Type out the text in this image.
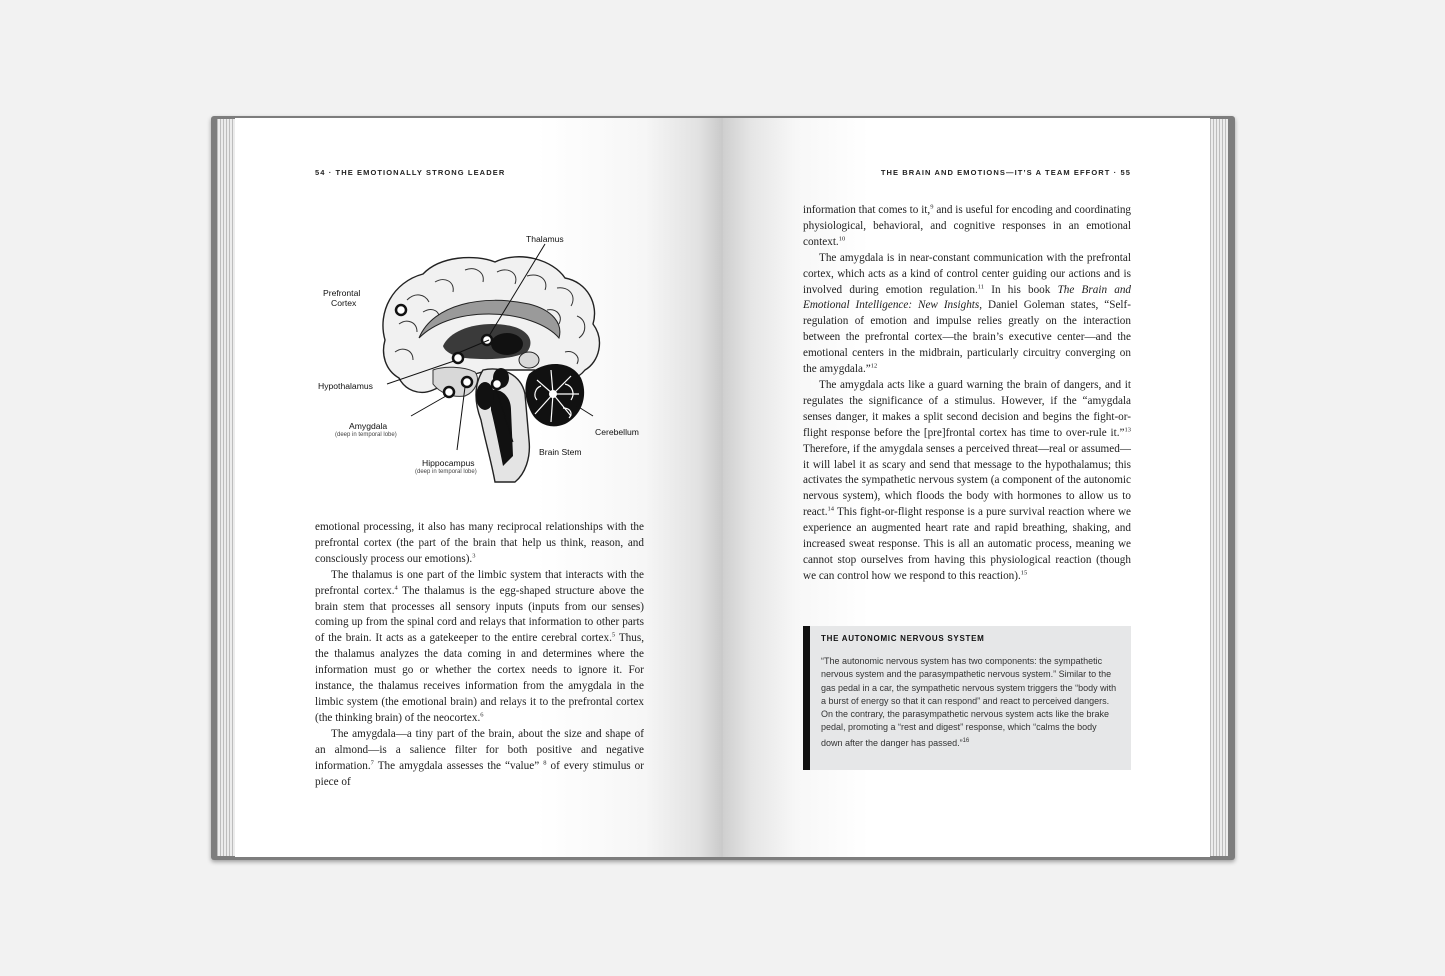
54 · THE EMOTIONALLY STRONG LEADER
Thalamus
Prefrontal
Cortex
Hypothalamus
Amygdala
(deep in temporal lobe)
Hippocampus
(deep in temporal lobe)
Brain Stem
Cerebellum

emotional processing, it also has many reciprocal relationships with the prefrontal cortex (the part of the brain that help us think, reason, and consciously process our emotions).$^3$

The thalamus is one part of the limbic system that interacts with the prefrontal cortex.$^4$ The thalamus is the egg-shaped structure above the brain stem that processes all sensory inputs (inputs from our senses) coming up from the spinal cord and relays that information to other parts of the brain. It acts as a gatekeeper to the entire cerebral cortex.$^5$ Thus, the thalamus analyzes the data coming in and determines where the information must go or whether the cortex needs to ignore it. For instance, the thalamus receives information from the amygdala in the limbic system (the emotional brain) and relays it to the prefrontal cortex (the thinking brain) of the neocortex.$^6$

The amygdala—a tiny part of the brain, about the size and shape of an almond—is a salience filter for both positive and negative information.$^7$ The amygdala assesses the “value” $^8$ of every stimulus or piece of

THE BRAIN AND EMOTIONS—IT’S A TEAM EFFORT · 55

information that comes to it,$^9$ and is useful for encoding and coordinating physiological, behavioral, and cognitive responses in an emotional context.$^{10}$

The amygdala is in near-constant communication with the prefrontal cortex, which acts as a kind of control center guiding our actions and is involved during emotion regulation.$^{11}$ In his book The Brain and Emotional Intelligence: New Insights, Daniel Goleman states, “Self-regulation of emotion and impulse relies greatly on the interaction between the prefrontal cortex—the brain’s executive center—and the emotional centers in the midbrain, particularly circuitry converging on the amygdala.”$^{12}$

The amygdala acts like a guard warning the brain of dangers, and it regulates the significance of a stimulus. However, if the “amygdala senses danger, it makes a split second decision and begins the fight-or-flight response before the [pre]frontal cortex has time to over-rule it.”$^{13}$ Therefore, if the amygdala senses a perceived threat—real or assumed—it will label it as scary and send that message to the hypothalamus; this activates the sympathetic nervous system (a component of the autonomic nervous system), which floods the body with hormones to allow us to react.$^{14}$ This fight-or-flight response is a pure survival reaction where we experience an augmented heart rate and rapid breathing, shaking, and increased sweat response. This is all an automatic process, meaning we cannot stop ourselves from having this physiological reaction (though we can control how we respond to this reaction).$^{15}$

THE AUTONOMIC NERVOUS SYSTEM
“The autonomic nervous system has two components: the sympathetic nervous system and the parasympathetic nervous system.” Similar to the gas pedal in a car, the sympathetic nervous system triggers the “body with a burst of energy so that it can respond” and react to perceived dangers. On the contrary, the parasympathetic nervous system acts like the brake pedal, promoting a “rest and digest” response, which “calms the body down after the danger has passed.”$^{16}$
